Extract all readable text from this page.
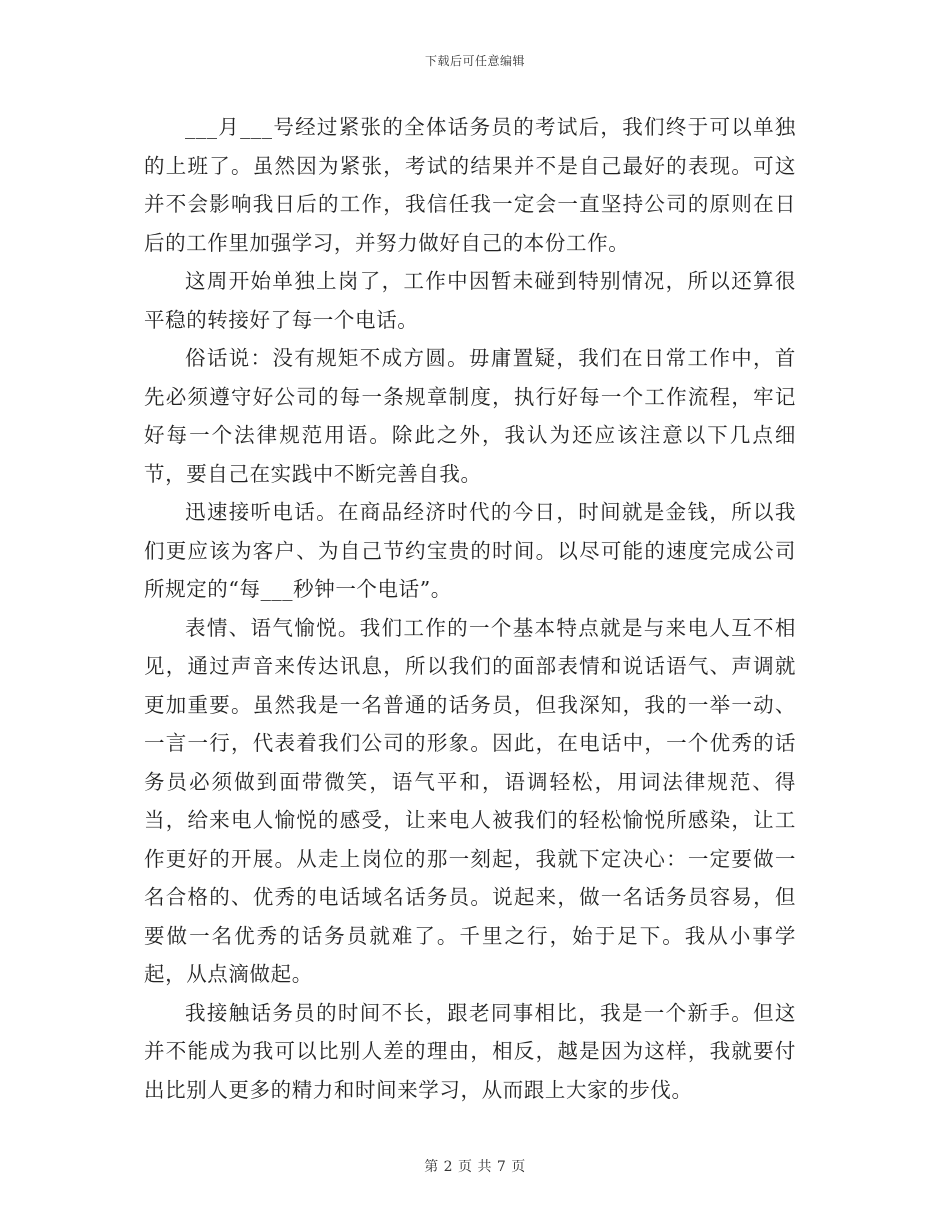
下载后可任意编辑

___月___号经过紧张的全体话务员的考试后，我们终于可以单独的上班了。虽然因为紧张，考试的结果并不是自己最好的表现。可这并不会影响我日后的工作，我信任我一定会一直坚持公司的原则在日后的工作里加强学习，并努力做好自己的本份工作。

这周开始单独上岗了，工作中因暂未碰到特别情况，所以还算很平稳的转接好了每一个电话。

俗话说：没有规矩不成方圆。毋庸置疑，我们在日常工作中，首先必须遵守好公司的每一条规章制度，执行好每一个工作流程，牢记好每一个法律规范用语。除此之外，我认为还应该注意以下几点细节，要自己在实践中不断完善自我。

迅速接听电话。在商品经济时代的今日，时间就是金钱，所以我们更应该为客户、为自己节约宝贵的时间。以尽可能的速度完成公司所规定的“每___秒钟一个电话”。

表情、语气愉悦。我们工作的一个基本特点就是与来电人互不相见，通过声音来传达讯息，所以我们的面部表情和说话语气、声调就更加重要。虽然我是一名普通的话务员，但我深知，我的一举一动、一言一行，代表着我们公司的形象。因此，在电话中，一个优秀的话务员必须做到面带微笑，语气平和，语调轻松，用词法律规范、得当，给来电人愉悦的感受，让来电人被我们的轻松愉悦所感染，让工作更好的开展。从走上岗位的那一刻起，我就下定决心：一定要做一名合格的、优秀的电话域名话务员。说起来，做一名话务员容易，但要做一名优秀的话务员就难了。千里之行，始于足下。我从小事学起，从点滴做起。

我接触话务员的时间不长，跟老同事相比，我是一个新手。但这并不能成为我可以比别人差的理由，相反，越是因为这样，我就要付出比别人更多的精力和时间来学习，从而跟上大家的步伐。

第 2 页 共 7 页
